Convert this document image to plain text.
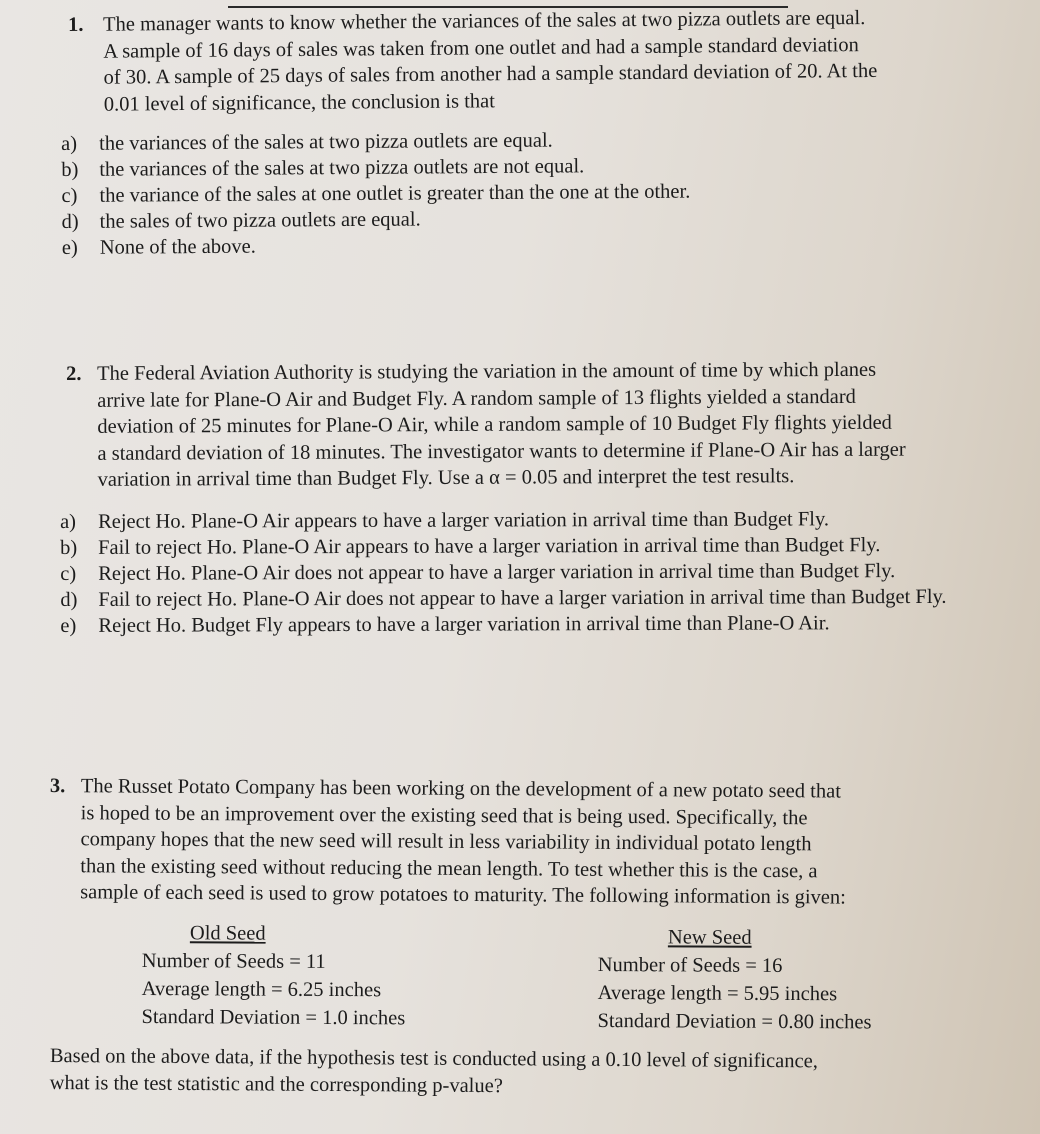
1. The manager wants to know whether the variances of the sales at two pizza outlets are equal.
A sample of 16 days of sales was taken from one outlet and had a sample standard deviation
of 30. A sample of 25 days of sales from another had a sample standard deviation of 20. At the
0.01 level of significance, the conclusion is that
a) the variances of the sales at two pizza outlets are equal.
b) the variances of the sales at two pizza outlets are not equal.
c) the variance of the sales at one outlet is greater than the one at the other.
d) the sales of two pizza outlets are equal.
e) None of the above.
2. The Federal Aviation Authority is studying the variation in the amount of time by which planes
arrive late for Plane-O Air and Budget Fly. A random sample of 13 flights yielded a standard
deviation of 25 minutes for Plane-O Air, while a random sample of 10 Budget Fly flights yielded
a standard deviation of 18 minutes. The investigator wants to determine if Plane-O Air has a larger
variation in arrival time than Budget Fly. Use a α = 0.05 and interpret the test results.
a) Reject Ho. Plane-O Air appears to have a larger variation in arrival time than Budget Fly.
b) Fail to reject Ho. Plane-O Air appears to have a larger variation in arrival time than Budget Fly.
c) Reject Ho. Plane-O Air does not appear to have a larger variation in arrival time than Budget Fly.
d) Fail to reject Ho. Plane-O Air does not appear to have a larger variation in arrival time than Budget Fly.
e) Reject Ho. Budget Fly appears to have a larger variation in arrival time than Plane-O Air.
3. The Russet Potato Company has been working on the development of a new potato seed that
is hoped to be an improvement over the existing seed that is being used. Specifically, the
company hopes that the new seed will result in less variability in individual potato length
than the existing seed without reducing the mean length. To test whether this is the case, a
sample of each seed is used to grow potatoes to maturity. The following information is given:
Old Seed
Number of Seeds = 11
Average length = 6.25 inches
Standard Deviation = 1.0 inches
New Seed
Number of Seeds = 16
Average length = 5.95 inches
Standard Deviation = 0.80 inches
Based on the above data, if the hypothesis test is conducted using a 0.10 level of significance,
what is the test statistic and the corresponding p-value?
